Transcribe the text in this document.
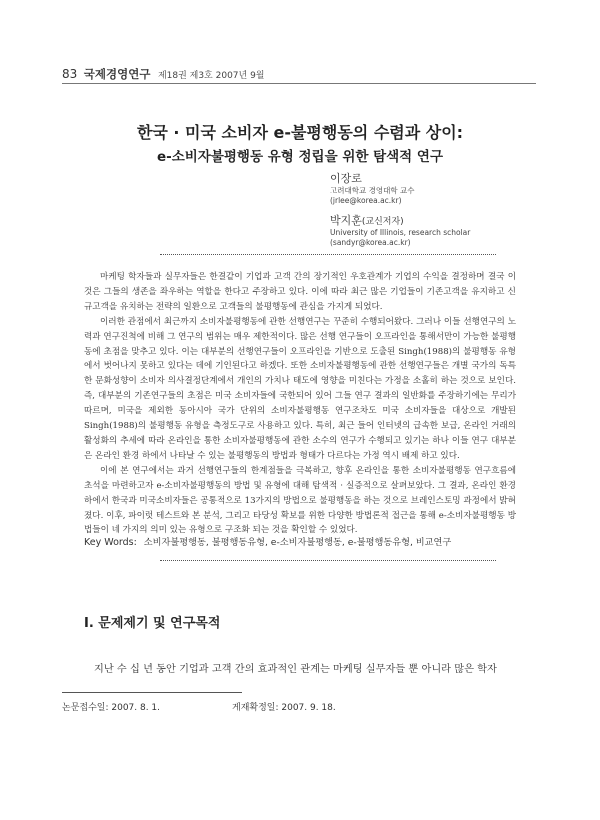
83 국제경영연구 제18권 제3호 2007년 9월
한국 · 미국 소비자 e-불평행동의 수렴과 상이:
e-소비자불평행동 유형 정립을 위한 탐색적 연구
이장로
고려대학교 경영대학 교수
(jrlee@korea.ac.kr)
박지훈(교신저자)
University of Illinois, research scholar
(sandyr@korea.ac.kr)

마케팅 학자들과 실무자들은 한결같이 기업과 고객 간의 장기적인 우호관계가 기업의 수익을 결정하며 결국 이것은 그들의 생존을 좌우하는 역할을 한다고 주장하고 있다. 이에 따라 최근 많은 기업들이 기존고객을 유지하고 신규고객을 유치하는 전략의 일환으로 고객들의 불평행동에 관심을 가지게 되었다.

이러한 관점에서 최근까지 소비자불평행동에 관한 선행연구는 꾸준히 수행되어왔다. 그러나 이들 선행연구의 노력과 연구진척에 비해 그 연구의 범위는 매우 제한적이다. 많은 선행 연구들이 오프라인을 통해서만이 가능한 불평행동에 초점을 맞추고 있다. 이는 대부분의 선행연구들이 오프라인을 기반으로 도출된 Singh(1988)의 불평행동 유형에서 벗어나지 못하고 있다는 데에 기인된다고 하겠다. 또한 소비자불평행동에 관한 선행연구들은 개별 국가의 독특한 문화성향이 소비자 의사결정단계에서 개인의 가치나 태도에 영향을 미친다는 가정을 소홀히 하는 것으로 보인다. 즉, 대부분의 기존연구들의 초점은 미국 소비자들에 국한되어 있어 그들 연구 결과의 일반화를 주장하기에는 무리가 따르며, 미국을 제외한 동아시아 국가 단위의 소비자불평행동 연구조차도 미국 소비자들을 대상으로 개발된 Singh(1988)의 불평행동 유형을 측정도구로 사용하고 있다. 특히, 최근 들어 인터넷의 급속한 보급, 온라인 거래의 활성화의 추세에 따라 온라인을 통한 소비자불평행동에 관한 소수의 연구가 수행되고 있기는 하나 이들 연구 대부분은 온라인 환경 하에서 나타날 수 있는 불평행동의 방법과 형태가 다르다는 가정 역시 배제 하고 있다.

이에 본 연구에서는 과거 선행연구들의 한계점들을 극복하고, 향후 온라인을 통한 소비자불평행동 연구흐름에 초석을 마련하고자 e-소비자불평행동의 방법 및 유형에 대해 탐색적 · 실증적으로 살펴보았다. 그 결과, 온라인 환경 하에서 한국과 미국소비자들은 공통적으로 13가지의 방법으로 불평행동을 하는 것으로 브레인스토밍 과정에서 밝혀졌다. 이후, 파이럿 테스트와 본 분석, 그리고 타당성 확보를 위한 다양한 방법론적 접근을 통해 e-소비자불평행동 방법들이 네 가지의 의미 있는 유형으로 구조화 되는 것을 확인할 수 있었다.

Key Words: 소비자불평행동, 불평행동유형, e-소비자불평행동, e-불평행동유형, 비교연구
Ⅰ. 문제제기 및 연구목적
지난 수 십 년 동안 기업과 고객 간의 효과적인 관계는 마케팅 실무자들 뿐 아니라 많은 학자
논문접수일: 2007. 8. 1.	게재확정일: 2007. 9. 18.
